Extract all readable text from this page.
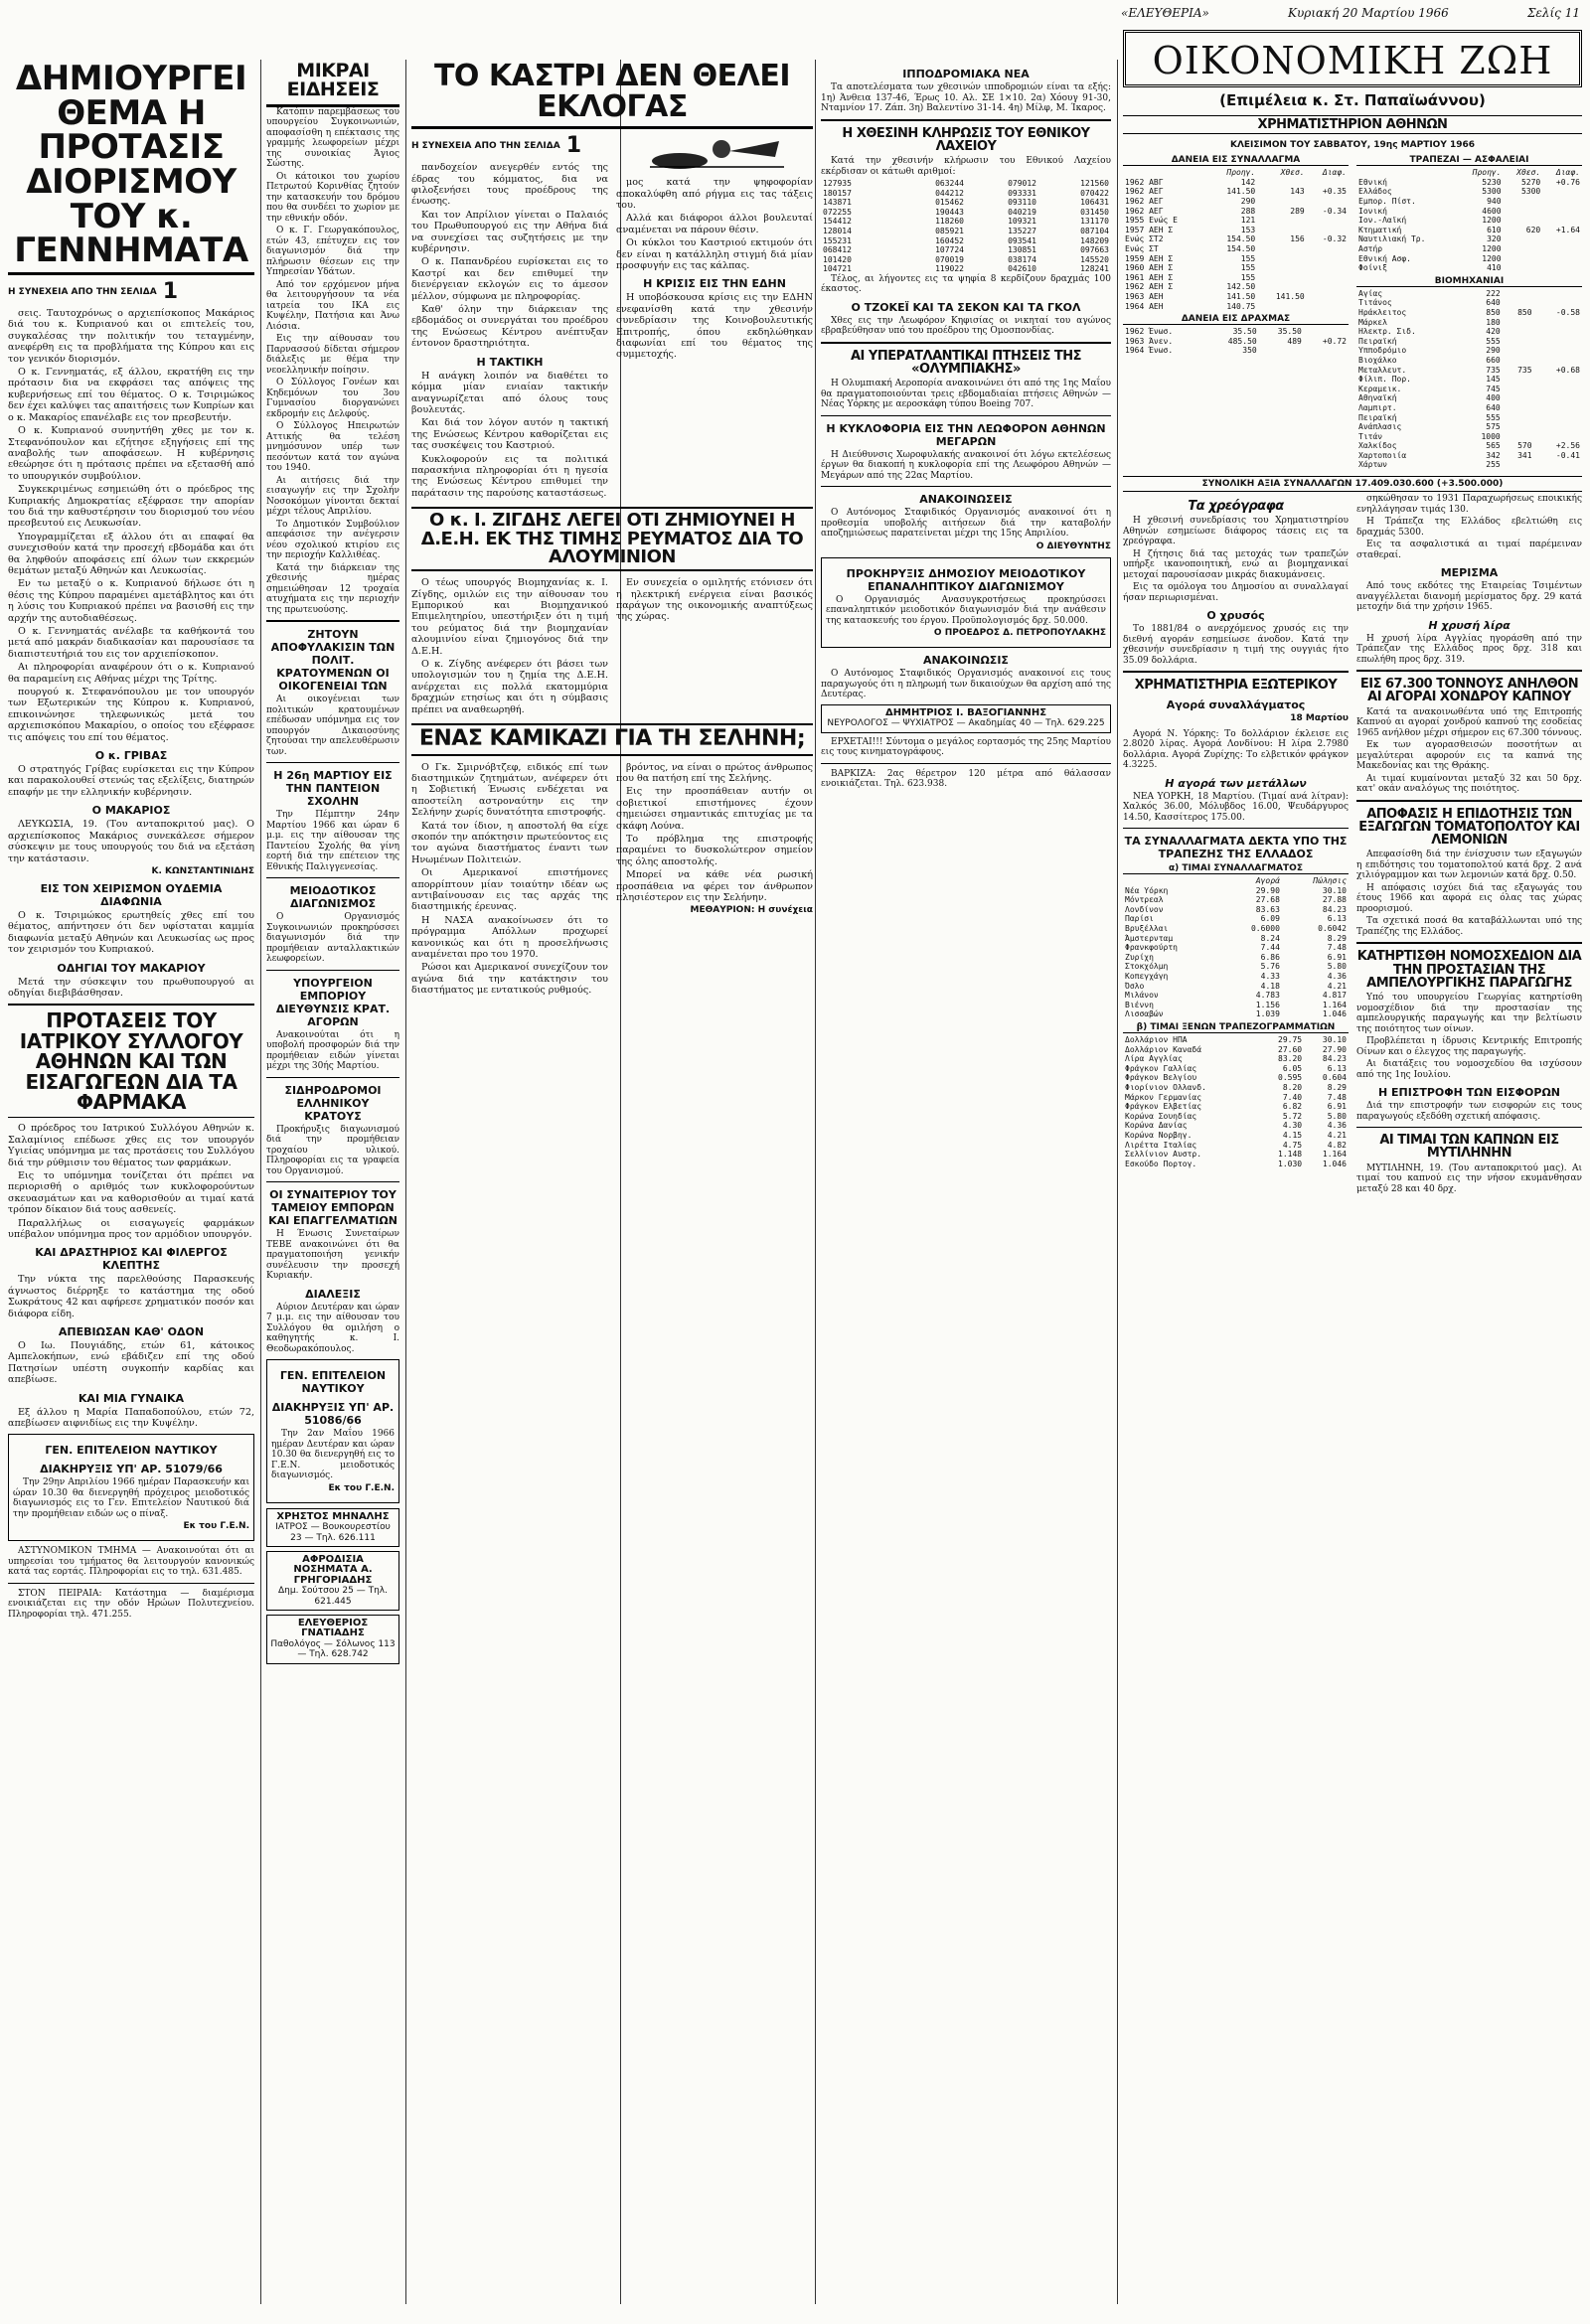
«ΕΛΕΥΘΕΡΙΑ»	Κυριακή 20 Μαρτίου 1966	Σελίς 11
ΔΗΜΙΟΥΡΓΕΙ ΘΕΜΑ Η ΠΡΟΤΑΣΙΣ ΔΙΟΡΙΣΜΟΥ ΤΟΥ κ. ΓΕΝΝΗΜΑΤΑ
Η ΣΥΝΕΧΕΙΑ ΑΠΟ ΤΗΝ ΣΕΛΙΔΑ 1

σεις. Ταυτοχρόνως ο αρχιεπίσκοπος Μακάριος διά του κ. Κυπριανού και οι επιτελείς του, συγκαλέσας την πολιτικήν του τεταγμένην, ανεφέρθη εις τα προβλήματα της Κύπρου και εις τον γενικόν διορισμόν.

Ο κ. Γεννηματάς, εξ άλλου, εκρατήθη εις την πρότασιν δια να εκφράσει τας απόψεις της κυβερνήσεως επί του θέματος. Ο κ. Τσιριμώκος δεν έχει καλύψει τας απαιτήσεις των Κυπρίων και ο κ. Μακαρίος επανέλαβε εις τον πρεσβευτήν.

Ο κ. Κυπριανού συνηντήθη χθες με τον κ. Στεφανόπουλον και εζήτησε εξηγήσεις επί της αναβολής των αποφάσεων. Η κυβέρνησις εθεώρησε ότι η πρότασις πρέπει να εξετασθή από το υπουργικόν συμβούλιον.

Συγκεκριμένως εσημειώθη ότι ο πρόεδρος της Κυπριακής Δημοκρατίας εξέφρασε την απορίαν του διά την καθυστέρησιν του διορισμού του νέου πρεσβευτού εις Λευκωσίαν.

Υπογραμμίζεται εξ άλλου ότι αι επαφαί θα συνεχισθούν κατά την προσεχή εβδομάδα και ότι θα ληφθούν αποφάσεις επί όλων των εκκρεμών θεμάτων μεταξύ Αθηνών και Λευκωσίας.

Εν τω μεταξύ ο κ. Κυπριανού δήλωσε ότι η θέσις της Κύπρου παραμένει αμετάβλητος και ότι η λύσις του Κυπριακού πρέπει να βασισθή εις την αρχήν της αυτοδιαθέσεως.

Ο κ. Γεννηματάς ανέλαβε τα καθήκοντά του μετά από μακράν διαδικασίαν και παρουσίασε τα διαπιστευτήριά του εις τον αρχιεπίσκοπον.

Αι πληροφορίαι αναφέρουν ότι ο κ. Κυπριανού θα παραμείνη εις Αθήνας μέχρι της Τρίτης.

πουργού κ. Στεφανόπουλου με τον υπουργόν των Εξωτερικών της Κύπρου κ. Κυπριανού, επικοινώνησε τηλεφωνικώς μετά του αρχιεπισκόπου Μακαρίου, ο οποίος του εξέφρασε τις απόψεις του επί του θέματος.

Ο κ. ΓΡΙΒΑΣ

Ο στρατηγός Γρίβας ευρίσκεται εις την Κύπρον και παρακολουθεί στενώς τας εξελίξεις, διατηρών επαφήν με την ελληνικήν κυβέρνησιν.

Ο ΜΑΚΑΡΙΟΣ

ΛΕΥΚΩΣΙΑ, 19. (Του ανταποκριτού μας). Ο αρχιεπίσκοπος Μακάριος συνεκάλεσε σήμερον σύσκεψιν με τους υπουργούς του διά να εξετάση την κατάστασιν.

Κ. ΚΩΝΣΤΑΝΤΙΝΙΔΗΣ
ΕΙΣ ΤΟΝ ΧΕΙΡΙΣΜΟΝ ΟΥΔΕΜΙΑ ΔΙΑΦΩΝΙΑ

Ο κ. Τσιριμώκος ερωτηθείς χθες επί του θέματος, απήντησεν ότι δεν υφίσταται καμμία διαφωνία μεταξύ Αθηνών και Λευκωσίας ως προς τον χειρισμόν του Κυπριακού.

ΟΔΗΓΙΑΙ ΤΟΥ ΜΑΚΑΡΙΟΥ

Μετά την σύσκεψιν του πρωθυπουργού αι οδηγίαι διεβιβάσθησαν.

ΠΡΟΤΑΣΕΙΣ ΤΟΥ ΙΑΤΡΙΚΟΥ ΣΥΛΛΟΓΟΥ ΑΘΗΝΩΝ ΚΑΙ ΤΩΝ ΕΙΣΑΓΩΓΕΩΝ ΔΙΑ ΤΑ ΦΑΡΜΑΚΑ

Ο πρόεδρος του Ιατρικού Συλλόγου Αθηνών κ. Σαλαμίνιος επέδωσε χθες εις τον υπουργόν Υγιείας υπόμνημα με τας προτάσεις του Συλλόγου διά την ρύθμισιν του θέματος των φαρμάκων.

Εις το υπόμνημα τονίζεται ότι πρέπει να περιορισθή ο αριθμός των κυκλοφορούντων σκευασμάτων και να καθορισθούν αι τιμαί κατά τρόπον δίκαιον διά τους ασθενείς.

Παραλλήλως οι εισαγωγείς φαρμάκων υπέβαλον υπόμνημα προς τον αρμόδιον υπουργόν.

ΚΑΙ ΔΡΑΣΤΗΡΙΟΣ ΚΑΙ ΦΙΛΕΡΓΟΣ ΚΛΕΠΤΗΣ

Την νύκτα της παρελθούσης Παρασκευής άγνωστος διέρρηξε το κατάστημα της οδού Σωκράτους 42 και αφήρεσε χρηματικόν ποσόν και διάφορα είδη.

ΑΠΕΒΙΩΣΑΝ ΚΑΘ' ΟΔΟΝ

Ο Ιω. Πουγιάδης, ετών 61, κάτοικος Αμπελοκήπων, ενώ εβάδιζεν επί της οδού Πατησίων υπέστη συγκοπήν καρδίας και απεβίωσε.

ΚΑΙ ΜΙΑ ΓΥΝΑΙΚΑ

Εξ άλλου η Μαρία Παπαδοπούλου, ετών 72, απεβίωσεν αιφνιδίως εις την Κυψέλην.

ΓΕΝ. ΕΠΙΤΕΛΕΙΟΝ ΝΑΥΤΙΚΟΥ
ΔΙΑΚΗΡΥΞΙΣ ΥΠ' ΑΡ. 51079/66

Την 29ην Απριλίου 1966 ημέραν Παρασκευήν και ώραν 10.30 θα διενεργηθή πρόχειρος μειοδοτικός διαγωνισμός εις το Γεν. Επιτελείον Ναυτικού διά την προμήθειαν ειδών ως ο πίναξ.

Εκ του Γ.Ε.Ν.

ΑΣΤΥΝΟΜΙΚΟΝ ΤΜΗΜΑ — Ανακοινούται ότι αι υπηρεσίαι του τμήματος θα λειτουργούν κανονικώς κατά τας εορτάς. Πληροφορίαι εις το τηλ. 631.485.

ΣΤΟΝ ΠΕΙΡΑΙΑ: Κατάστημα — διαμέρισμα ενοικιάζεται εις την οδόν Ηρώων Πολυτεχνείου. Πληροφορίαι τηλ. 471.255.

ΜΙΚΡΑΙ ΕΙΔΗΣΕΙΣ

Κατόπιν παρεμβάσεως του υπουργείου Συγκοινωνιών, αποφασίσθη η επέκτασις της γραμμής λεωφορείων μέχρι της συνοικίας Άγιος Σώστης.

Οι κάτοικοι του χωρίου Πετρωτού Κορινθίας ζητούν την κατασκευήν του δρόμου που θα συνδέει το χωρίον με την εθνικήν οδόν.

Ο κ. Γ. Γεωργακόπουλος, ετών 43, επέτυχεν εις τον διαγωνισμόν διά την πλήρωσιν θέσεων εις την Υπηρεσίαν Υδάτων.

Από τον ερχόμενον μήνα θα λειτουργήσουν τα νέα ιατρεία του ΙΚΑ εις Κυψέλην, Πατήσια και Άνω Λιόσια.

Εις την αίθουσαν του Παρνασσού δίδεται σήμερον διάλεξις με θέμα την νεοελληνικήν ποίησιν.

Ο Σύλλογος Γονέων και Κηδεμόνων του 3ου Γυμνασίου διοργανώνει εκδρομήν εις Δελφούς.

Ο Σύλλογος Ηπειρωτών Αττικής θα τελέση μνημόσυνον υπέρ των πεσόντων κατά τον αγώνα του 1940.

Αι αιτήσεις διά την εισαγωγήν εις την Σχολήν Νοσοκόμων γίνονται δεκταί μέχρι τέλους Απριλίου.

Το Δημοτικόν Συμβούλιον απεφάσισε την ανέγερσιν νέου σχολικού κτιρίου εις την περιοχήν Καλλιθέας.

Κατά την διάρκειαν της χθεσινής ημέρας σημειώθησαν 12 τροχαία ατυχήματα εις την περιοχήν της πρωτευούσης.

ΖΗΤΟΥΝ ΑΠΟΦΥΛΑΚΙΣΙΝ ΤΩΝ ΠΟΛΙΤ. ΚΡΑΤΟΥΜΕΝΩΝ ΟΙ ΟΙΚΟΓΕΝΕΙΑΙ ΤΩΝ

Αι οικογένειαι των πολιτικών κρατουμένων επέδωσαν υπόμνημα εις τον υπουργόν Δικαιοσύνης ζητούσαι την απελευθέρωσιν των.

Η 26η ΜΑΡΤΙΟΥ ΕΙΣ ΤΗΝ ΠΑΝΤΕΙΟΝ ΣΧΟΛΗΝ

Την Πέμπτην 24ην Μαρτίου 1966 και ώραν 6 μ.μ. εις την αίθουσαν της Παντείου Σχολής θα γίνη εορτή διά την επέτειον της Εθνικής Παλιγγενεσίας.

ΜΕΙΟΔΟΤΙΚΟΣ ΔΙΑΓΩΝΙΣΜΟΣ

Ο Οργανισμός Συγκοινωνιών προκηρύσσει διαγωνισμόν διά την προμήθειαν ανταλλακτικών λεωφορείων.

ΥΠΟΥΡΓΕΙΟΝ ΕΜΠΟΡΙΟΥ ΔΙΕΥΘΥΝΣΙΣ ΚΡΑΤ. ΑΓΟΡΩΝ

Ανακοινούται ότι η υποβολή προσφορών διά την προμήθειαν ειδών γίνεται μέχρι της 30ής Μαρτίου.

ΣΙΔΗΡΟΔΡΟΜΟΙ ΕΛΛΗΝΙΚΟΥ ΚΡΑΤΟΥΣ

Προκήρυξις διαγωνισμού διά την προμήθειαν τροχαίου υλικού. Πληροφορίαι εις τα γραφεία του Οργανισμού.

ΟΙ ΣΥΝΑΙΤΕΡΙΟΥ ΤΟΥ ΤΑΜΕΙΟΥ ΕΜΠΟΡΩΝ ΚΑΙ ΕΠΑΓΓΕΛΜΑΤΙΩΝ

Η Ένωσις Συνεταίρων ΤΕΒΕ ανακοινώνει ότι θα πραγματοποιήση γενικήν συνέλευσιν την προσεχή Κυριακήν.

ΔΙΑΛΕΞΙΣ

Αύριον Δευτέραν και ώραν 7 μ.μ. εις την αίθουσαν του Συλλόγου θα ομιλήση ο καθηγητής κ. Ι. Θεοδωρακόπουλος.

ΓΕΝ. ΕΠΙΤΕΛΕΙΟΝ ΝΑΥΤΙΚΟΥ
ΔΙΑΚΗΡΥΞΙΣ ΥΠ' ΑΡ. 51086/66

Την 2αν Μαΐου 1966 ημέραν Δευτέραν και ώραν 10.30 θα διενεργηθή εις το Γ.Ε.Ν. μειοδοτικός διαγωνισμός.

Εκ του Γ.Ε.Ν.
ΧΡΗΣΤΟΣ ΜΗΝΑΛΗΣ
ΙΑΤΡΟΣ — Βουκουρεστίου 23 — Τηλ. 626.111
ΑΦΡΟΔΙΣΙΑ ΝΟΣΗΜΑΤΑ Α. ΓΡΗΓΟΡΙΑΔΗΣ
Δημ. Σούτσου 25 — Τηλ. 621.445
ΕΛΕΥΘΕΡΙΟΣ ΓΝΑΤΙΑΔΗΣ
Παθολόγος — Σόλωνος 113 — Τηλ. 628.742
ΤΟ ΚΑΣΤΡΙ ΔΕΝ ΘΕΛΕΙ ΕΚΛΟΓΑΣ
Η ΣΥΝΕΧΕΙΑ ΑΠΟ ΤΗΝ ΣΕΛΙΔΑ 1

πανδοχείον ανεγερθέν εντός της έδρας του κόμματος, δια να φιλοξενήσει τους προέδρους της ένωσης.

Και τον Απρίλιον γίνεται ο Παλαιός του Πρωθυπουργού εις την Αθήνα διά να συνεχίσει τας συζητήσεις με την κυβέρνησιν.

Ο κ. Παπανδρέου ευρίσκεται εις το Καστρί και δεν επιθυμεί την διενέργειαν εκλογών εις το άμεσον μέλλον, σύμφωνα με πληροφορίας.

Καθ' όλην την διάρκειαν της εβδομάδος οι συνεργάται του προέδρου της Ενώσεως Κέντρου ανέπτυξαν έντονον δραστηριότητα.

Η ΤΑΚΤΙΚΗ

Η ανάγκη λοιπόν να διαθέτει το κόμμα μίαν ενιαίαν τακτικήν αναγνωρίζεται από όλους τους βουλευτάς.

Και διά τον λόγον αυτόν η τακτική της Ενώσεως Κέντρου καθορίζεται εις τας συσκέψεις του Καστριού.

Κυκλοφορούν εις τα πολιτικά παρασκήνια πληροφορίαι ότι η ηγεσία της Ενώσεως Κέντρου επιθυμεί την παράτασιν της παρούσης καταστάσεως.

μος κατά την ψηφοφορίαν αποκαλύφθη από ρήγμα εις τας τάξεις του.

Αλλά και διάφοροι άλλοι βουλευταί αναμένεται να πάρουν θέσιν.

Οι κύκλοι του Καστριού εκτιμούν ότι δεν είναι η κατάλληλη στιγμή διά μίαν προσφυγήν εις τας κάλπας.

Η ΚΡΙΣΙΣ ΕΙΣ ΤΗΝ ΕΔΗΝ

Η υποβόσκουσα κρίσις εις την ΕΔΗΝ ενεφανίσθη κατά την χθεσινήν συνεδρίασιν της Κοινοβουλευτικής Επιτροπής, όπου εκδηλώθηκαν διαφωνίαι επί του θέματος της συμμετοχής.

Ο κ. Ι. ΖΙΓΔΗΣ ΛΕΓΕΙ ΟΤΙ ΖΗΜΙΟΥΝΕΙ Η Δ.Ε.Η. ΕΚ ΤΗΣ ΤΙΜΗΣ ΡΕΥΜΑΤΟΣ ΔΙΑ ΤΟ ΑΛΟΥΜΙΝΙΟΝ

Ο τέως υπουργός Βιομηχανίας κ. Ι. Ζίγδης, ομιλών εις την αίθουσαν του Εμπορικού και Βιομηχανικού Επιμελητηρίου, υπεστήριξεν ότι η τιμή του ρεύματος διά την βιομηχανίαν αλουμινίου είναι ζημιογόνος διά την Δ.Ε.Η.

Ο κ. Ζίγδης ανέφερεν ότι βάσει των υπολογισμών του η ζημία της Δ.Ε.Η. ανέρχεται εις πολλά εκατομμύρια δραχμών ετησίως και ότι η σύμβασις πρέπει να αναθεωρηθή.

Εν συνεχεία ο ομιλητής ετόνισεν ότι η ηλεκτρική ενέργεια είναι βασικός παράγων της οικονομικής αναπτύξεως της χώρας.

ΕΝΑΣ ΚΑΜΙΚΑΖΙ ΓΙΑ ΤΗ ΣΕΛΗΝΗ;

Ο Γκ. Σμιρνόβτζεφ, ειδικός επί των διαστημικών ζητημάτων, ανέφερεν ότι η Σοβιετική Ένωσις ενδέχεται να αποστείλη αστροναύτην εις την Σελήνην χωρίς δυνατότητα επιστροφής.

Κατά τον ίδιον, η αποστολή θα είχε σκοπόν την απόκτησιν πρωτεύοντος εις τον αγώνα διαστήματος έναντι των Ηνωμένων Πολιτειών.

Οι Αμερικανοί επιστήμονες απορρίπτουν μίαν τοιαύτην ιδέαν ως αντιβαίνουσαν εις τας αρχάς της διαστημικής έρευνας.

Η ΝΑΣΑ ανακοίνωσεν ότι το πρόγραμμα Απόλλων προχωρεί κανονικώς και ότι η προσελήνωσις αναμένεται προ του 1970.

Ρώσοι και Αμερικανοί συνεχίζουν τον αγώνα διά την κατάκτησιν του διαστήματος με εντατικούς ρυθμούς.

βρόντος, να είναι ο πρώτος άνθρωπος που θα πατήση επί της Σελήνης.

Εις την προσπάθειαν αυτήν οι σοβιετικοί επιστήμονες έχουν σημειώσει σημαντικάς επιτυχίας με τα σκάφη Λούνα.

Το πρόβλημα της επιστροφής παραμένει το δυσκολώτερον σημείον της όλης αποστολής.

Μπορεί να κάθε νέα ρωσική προσπάθεια να φέρει τον άνθρωπον πλησιέστερον εις την Σελήνην.

ΜΕΘΑΥΡΙΟΝ: Η συνέχεια
ΙΠΠΟΔΡΟΜΙΑΚΑ ΝΕΑ

Τα αποτελέσματα των χθεσινών ιπποδρομιών είναι τα εξής: 1η) Άνθεια 137-46, Έρως 10. Αλ. ΣΕ 1×10. 2α) Χόουγ 91-30, Νταμνίον 17. Ζάπ. 3η) Βαλεντίνο 31-14. 4η) Μίλφ, Μ. Ίκαρος.

Η ΧΘΕΣΙΝΗ ΚΛΗΡΩΣΙΣ ΤΟΥ ΕΘΝΙΚΟΥ ΛΑΧΕΙΟΥ

Κατά την χθεσινήν κλήρωσιν του Εθνικού Λαχείου εκέρδισαν οι κάτωθι αριθμοί:

127935	063244	079012	121560
180157	044212	093331	070422
143871	015462	093110	106431
072255	190443	040219	031450
154412	118260	109321	131170
128014	085921	135227	087104
155231	160452	093541	148209
068412	107724	130851	097663
101420	070019	038174	145520
104721	119022	042610	128241

Τέλος, αι λήγοντες εις τα ψηφία 8 κερδίζουν δραχμάς 100 έκαστος.

Ο ΤΖΟΚΕΪ ΚΑΙ ΤΑ ΣΕΚΟΝ ΚΑΙ ΤΑ ΓΚΟΛ

Χθες εις την Λεωφόρον Κηφισίας οι νικηταί του αγώνος εβραβεύθησαν υπό του προέδρου της Ομοσπονδίας.

ΑΙ ΥΠΕΡΑΤΛΑΝΤΙΚΑΙ ΠΤΗΣΕΙΣ ΤΗΣ «ΟΛΥΜΠΙΑΚΗΣ»

Η Ολυμπιακή Αεροπορία ανακοινώνει ότι από της 1ης Μαΐου θα πραγματοποιούνται τρεις εβδομαδιαίαι πτήσεις Αθηνών — Νέας Υόρκης με αεροσκάφη τύπου Boeing 707.

Η ΚΥΚΛΟΦΟΡΙΑ ΕΙΣ ΤΗΝ ΛΕΩΦΟΡΟΝ ΑΘΗΝΩΝ ΜΕΓΑΡΩΝ

Η Διεύθυνσις Χωροφυλακής ανακοινοί ότι λόγω εκτελέσεως έργων θα διακοπή η κυκλοφορία επί της Λεωφόρου Αθηνών — Μεγάρων από της 22ας Μαρτίου.

ΑΝΑΚΟΙΝΩΣΕΙΣ

Ο Αυτόνομος Σταφιδικός Οργανισμός ανακοινοί ότι η προθεσμία υποβολής αιτήσεων διά την καταβολήν αποζημιώσεως παρατείνεται μέχρι της 15ης Απριλίου.

Ο ΔΙΕΥΘΥΝΤΗΣ
ΠΡΟΚΗΡΥΞΙΣ ΔΗΜΟΣΙΟΥ ΜΕΙΟΔΟΤΙΚΟΥ ΕΠΑΝΑΛΗΠΤΙΚΟΥ ΔΙΑΓΩΝΙΣΜΟΥ

Ο Οργανισμός Ανασυγκροτήσεως προκηρύσσει επαναληπτικόν μειοδοτικόν διαγωνισμόν διά την ανάθεσιν της κατασκευής του έργου. Προϋπολογισμός δρχ. 50.000.

Ο ΠΡΟΕΔΡΟΣ Δ. ΠΕΤΡΟΠΟΥΛΑΚΗΣ
ΑΝΑΚΟΙΝΩΣΙΣ

Ο Αυτόνομος Σταφιδικός Οργανισμός ανακοινοί εις τους παραγωγούς ότι η πληρωμή των δικαιούχων θα αρχίση από της Δευτέρας.

ΔΗΜΗΤΡΙΟΣ Ι. ΒΑΞΟΓΙΑΝΝΗΣ
ΝΕΥΡΟΛΟΓΟΣ — ΨΥΧΙΑΤΡΟΣ — Ακαδημίας 40 — Τηλ. 629.225

ΕΡΧΕΤΑΙ!!! Σύντομα ο μεγάλος εορτασμός της 25ης Μαρτίου εις τους κινηματογράφους.

ΒΑΡΚΙΖΑ: 2ας θέρετρον 120 μέτρα από θάλασσαν ενοικιάζεται. Τηλ. 623.938.

ΟΙΚΟΝΟΜΙΚΗ ΖΩΗ
(Επιμέλεια κ. Στ. Παπαϊωάννου)
ΧΡΗΜΑΤΙΣΤΗΡΙΟΝ ΑΘΗΝΩΝ
ΚΛΕΙΣΙΜΟΝ ΤΟΥ ΣΑΒΒΑΤΟΥ, 19ης ΜΑΡΤΙΟΥ 1966
ΔΑΝΕΙΑ ΕΙΣ ΣΥΝΑΛΛΑΓΜΑ
	Προηγ.	Χθεσ.	Διαφ.
1962 ΑΒΓ	142		
1962 ΑΕΓ	141.50	143	+0.35
1962 ΑΕΓ	290		
1962 ΑΕΓ	288	289	-0.34
1955 Ενώς Ε	121		
1957 ΑΕΗ Σ	153		
Ενώς ΣΤ2	154.50	156	-0.32
Ενώς ΣΤ	154.50		
1959 ΑΕΗ Σ	155		
1960 ΑΕΗ Σ	155		
1961 ΑΕΗ Σ	155		
1962 ΑΕΗ Σ	142.50		
1963 ΑΕΗ	141.50	141.50	
1964 ΑΕΗ	140.75		
ΔΑΝΕΙΑ ΕΙΣ ΔΡΑΧΜΑΣ
1962 Ένωσ.	35.50	35.50	
1963 Άνεν.	485.50	489	+0.72
1964 Ένωσ.	350		
ΤΡΑΠΕΖΑΙ — ΑΣΦΑΛΕΙΑΙ
	Προηγ.	Χθεσ.	Διαφ.
Εθνική	5230	5270	+0.76
Ελλάδος	5300	5300	
Εμπορ. Πίστ.	940		
Ιονική	4600		
Ιον.-Λαϊκή	1200		
Κτηματική	610	620	+1.64
Ναυτιλιακή Τρ.	320		
Αστήρ	1200		
Εθνική Ασφ.	1200		
Φοίνιξ	410		
ΒΙΟΜΗΧΑΝΙΑΙ
Αγίας	222		
Τιτάνος	640		
Ηράκλειτος	850	850	-0.58
Μάρκελ	180		
Ηλεκτρ. Σιδ.	420		
Πειραϊκή	555		
Υπποδρόμιο	290		
Βιοχάλκο	660		
Μεταλλευτ.	735	735	+0.68
Φίλιπ. Πορ.	145		
Κεραμεικ.	745		
Αθηναϊκή	400		
Λαμπιρτ.	640		
Πειραϊκή	555		
Ανάπλασις	575		
Τιτάν	1000		
Χαλκίδος	565	570	+2.56
Χαρτοποιία	342	341	-0.41
Χάρτων	255		
ΣΥΝΟΛΙΚΗ ΑΞΙΑ ΣΥΝΑΛΛΑΓΩΝ 17.409.030.600 (+3.500.000)
Τα χρεόγραφα

Η χθεσινή συνεδρίασις του Χρηματιστηρίου Αθηνών εσημείωσε διάφορος τάσεις εις τα χρεόγραφα.

Η ζήτησις διά τας μετοχάς των τραπεζών υπήρξε ικανοποιητική, ενώ αι βιομηχανικαί μετοχαί παρουσίασαν μικράς διακυμάνσεις.

Εις τα ομόλογα του Δημοσίου αι συναλλαγαί ήσαν περιωρισμέναι.

Ο χρυσός

Το 1881/84 ο ανερχόμενος χρυσός εις την διεθνή αγοράν εσημείωσε άνοδον. Κατά την χθεσινήν συνεδρίασιν η τιμή της ουγγιάς ήτο 35.09 δολλάρια.

ΧΡΗΜΑΤΙΣΤΗΡΙΑ ΕΞΩΤΕΡΙΚΟΥ
Αγορά συναλλάγματος
18 Μαρτίου

Αγορά Ν. Υόρκης: Το δολλάριον έκλεισε εις 2.8020 λίρας. Αγορά Λονδίνου: Η λίρα 2.7980 δολλάρια. Αγορά Ζυρίχης: Το ελβετικόν φράγκον 4.3225.

Η αγορά των μετάλλων

ΝΕΑ ΥΟΡΚΗ, 18 Μαρτίου. (Τιμαί ανά λίτραν): Χαλκός 36.00, Μόλυβδος 16.00, Ψευδάργυρος 14.50, Κασσίτερος 175.00.

ΤΑ ΣΥΝΑΛΛΑΓΜΑΤΑ ΔΕΚΤΑ ΥΠΟ ΤΗΣ ΤΡΑΠΕΖΗΣ ΤΗΣ ΕΛΛΑΔΟΣ
α) ΤΙΜΑΙ ΣΥΝΑΛΛΑΓΜΑΤΟΣ
	Αγορά	Πώλησις
Νέα Υόρκη	29.90	30.10
Μόντρεαλ	27.68	27.88
Λονδίνον	83.63	84.23
Παρίσι	6.09	6.13
Βρυξέλλαι	0.6000	0.6042
Άμστερνταμ	8.24	8.29
Φρανκφούρτη	7.44	7.48
Ζυρίχη	6.86	6.91
Στοκχόλμη	5.76	5.80
Κοπεγχάγη	4.33	4.36
Όσλο	4.18	4.21
Μιλάνον	4.783	4.817
Βιέννη	1.156	1.164
Λισσαβών	1.039	1.046
β) ΤΙΜΑΙ ΞΕΝΩΝ ΤΡΑΠΕΖΟΓΡΑΜΜΑΤΙΩΝ
Δολλάριον ΗΠΑ	29.75	30.10
Δολλάριον Καναδά	27.60	27.90
Λίρα Αγγλίας	83.20	84.23
Φράγκον Γαλλίας	6.05	6.13
Φράγκον Βελγίου	0.595	0.604
Φιορίνιον Ολλανδ.	8.20	8.29
Μάρκον Γερμανίας	7.40	7.48
Φράγκον Ελβετίας	6.82	6.91
Κορώνα Σουηδίας	5.72	5.80
Κορώνα Δανίας	4.30	4.36
Κορώνα Νορβηγ.	4.15	4.21
Λιρέττα Ιταλίας	4.75	4.82
Σελλίνιον Αυστρ.	1.148	1.164
Εσκούδο Πορτογ.	1.030	1.046

σηκώθησαν το 1931 Παραχωρήσεως εποικικής ενηλλάγησαν τιμάς 130.

Η Τράπεζα της Ελλάδος εβελτιώθη εις δραχμάς 5300.

Εις τα ασφαλιστικά αι τιμαί παρέμειναν σταθεραί.

ΜΕΡΙΣΜΑ

Από τους εκδότες της Εταιρείας Τσιμέντων αναγγέλλεται διανομή μερίσματος δρχ. 29 κατά μετοχήν διά την χρήσιν 1965.

Η χρυσή λίρα

Η χρυσή λίρα Αγγλίας ηγοράσθη από την Τράπεζαν της Ελλάδος προς δρχ. 318 και επωλήθη προς δρχ. 319.

ΕΙΣ 67.300 ΤΟΝΝΟΥΣ ΑΝΗΛΘΟΝ ΑΙ ΑΓΟΡΑΙ ΧΟΝΔΡΟΥ ΚΑΠΝΟΥ

Κατά τα ανακοινωθέντα υπό της Επιτροπής Καπνού αι αγοραί χονδρού καπνού της εσοδείας 1965 ανήλθον μέχρι σήμερον εις 67.300 τόννους.

Εκ των αγορασθεισών ποσοτήτων αι μεγαλύτεραι αφορούν εις τα καπνά της Μακεδονίας και της Θράκης.

Αι τιμαί κυμαίνονται μεταξύ 32 και 50 δρχ. κατ' οκάν αναλόγως της ποιότητος.

ΑΠΟΦΑΣΙΣ Η ΕΠΙΔΟΤΗΣΙΣ ΤΩΝ ΕΞΑΓΩΓΩΝ ΤΟΜΑΤΟΠΟΛΤΟΥ ΚΑΙ ΛΕΜΟΝΙΩΝ

Απεφασίσθη διά την ένίσχυσιν των εξαγωγών η επιδότησις του τοματοπολτού κατά δρχ. 2 ανά χιλιόγραμμον και των λεμονιών κατά δρχ. 0.50.

Η απόφασις ισχύει διά τας εξαγωγάς του έτους 1966 και αφορά εις όλας τας χώρας προορισμού.

Τα σχετικά ποσά θα καταβάλλωνται υπό της Τραπέζης της Ελλάδος.

ΚΑΤΗΡΤΙΣΘΗ ΝΟΜΟΣΧΕΔΙΟΝ ΔΙΑ ΤΗΝ ΠΡΟΣΤΑΣΙΑΝ ΤΗΣ ΑΜΠΕΛΟΥΡΓΙΚΗΣ ΠΑΡΑΓΩΓΗΣ

Υπό του υπουργείου Γεωργίας κατηρτίσθη νομοσχέδιον διά την προστασίαν της αμπελουργικής παραγωγής και την βελτίωσιν της ποιότητος των οίνων.

Προβλέπεται η ίδρυσις Κεντρικής Επιτροπής Οίνων και ο έλεγχος της παραγωγής.

Αι διατάξεις του νομοσχεδίου θα ισχύσουν από της 1ης Ιουλίου.

Η ΕΠΙΣΤΡΟΦΗ ΤΩΝ ΕΙΣΦΟΡΩΝ

Διά την επιστροφήν των εισφορών εις τους παραγωγούς εξεδόθη σχετική απόφασις.

ΑΙ ΤΙΜΑΙ ΤΩΝ ΚΑΠΝΩΝ ΕΙΣ ΜΥΤΙΛΗΝΗΝ

ΜΥΤΙΛΗΝΗ, 19. (Του ανταποκριτού μας). Αι τιμαί του καπνού εις την νήσον εκυμάνθησαν μεταξύ 28 και 40 δρχ.
